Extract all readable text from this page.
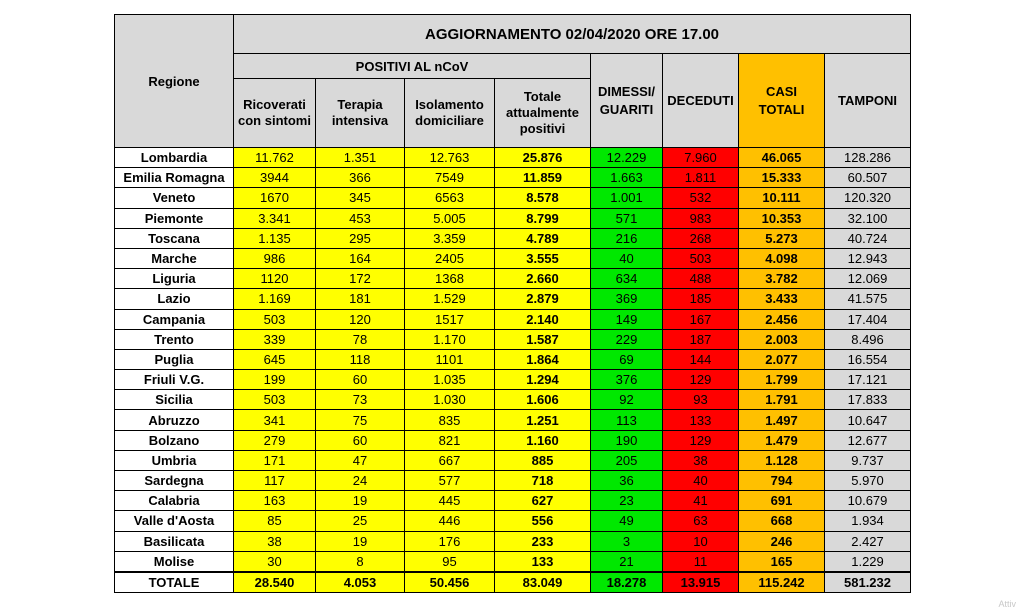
Regione	AGGIORNAMENTO 02/04/2020 ORE 17.00							
	POSITIVI AL nCoV				DIMESSI/ GUARITI	DECEDUTI	CASI TOTALI	TAMPONI
	Ricoverati con sintomi	Terapia intensiva	Isolamento domiciliare	Totale attualmente positivi				
Lombardia	11.762	1.351	12.763	25.876	12.229	7.960	46.065	128.286
Emilia Romagna	3944	366	7549	11.859	1.663	1.811	15.333	60.507
Veneto	1670	345	6563	8.578	1.001	532	10.111	120.320
Piemonte	3.341	453	5.005	8.799	571	983	10.353	32.100
Toscana	1.135	295	3.359	4.789	216	268	5.273	40.724
Marche	986	164	2405	3.555	40	503	4.098	12.943
Liguria	1120	172	1368	2.660	634	488	3.782	12.069
Lazio	1.169	181	1.529	2.879	369	185	3.433	41.575
Campania	503	120	1517	2.140	149	167	2.456	17.404
Trento	339	78	1.170	1.587	229	187	2.003	8.496
Puglia	645	118	1101	1.864	69	144	2.077	16.554
Friuli V.G.	199	60	1.035	1.294	376	129	1.799	17.121
Sicilia	503	73	1.030	1.606	92	93	1.791	17.833
Abruzzo	341	75	835	1.251	113	133	1.497	10.647
Bolzano	279	60	821	1.160	190	129	1.479	12.677
Umbria	171	47	667	885	205	38	1.128	9.737
Sardegna	117	24	577	718	36	40	794	5.970
Calabria	163	19	445	627	23	41	691	10.679
Valle d'Aosta	85	25	446	556	49	63	668	1.934
Basilicata	38	19	176	233	3	10	246	2.427
Molise	30	8	95	133	21	11	165	1.229
TOTALE	28.540	4.053	50.456	83.049	18.278	13.915	115.242	581.232
Attiv
